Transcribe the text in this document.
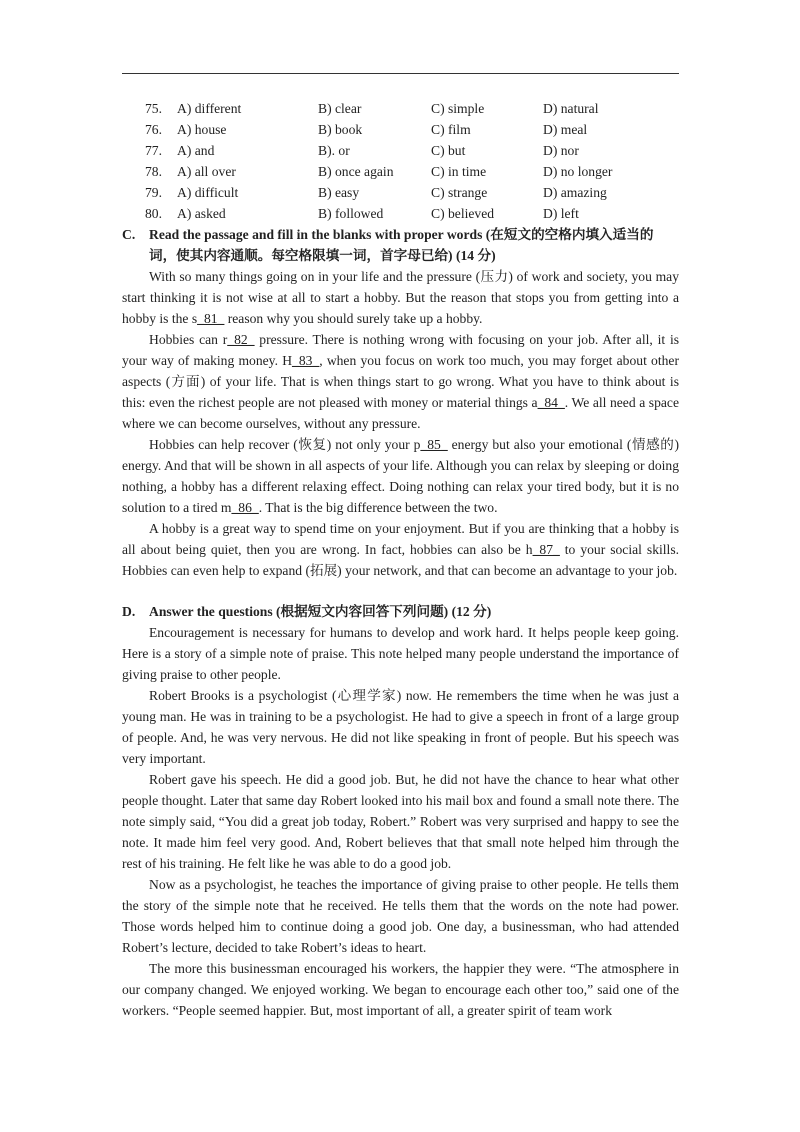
75. A) different	B) clear	C) simple	D) natural
76. A) house	B) book	C) film	D) meal
77. A) and	B). or	C) but	D) nor
78. A) all over	B) once again	C) in time	D) no longer
79. A) difficult	B) easy	C) strange	D) amazing
80. A) asked	B) followed	C) believed	D) left
C.	Read the passage and fill in the blanks with proper words (在短文的空格内填入适当的词，使其内容通顺。每空格限填一词，首字母已给) (14 分)

With so many things going on in your life and the pressure (压力) of work and society, you may start thinking it is not wise at all to start a hobby. But the reason that stops you from getting into a hobby is the s_81_ reason why you should surely take up a hobby.

Hobbies can r_82_ pressure. There is nothing wrong with focusing on your job. After all, it is your way of making money. H_83_, when you focus on work too much, you may forget about other aspects (方面) of your life. That is when things start to go wrong. What you have to think about is this: even the richest people are not pleased with money or material things a_84_. We all need a space where we can become ourselves, without any pressure.

Hobbies can help recover (恢复) not only your p_85_ energy but also your emotional (情感的) energy. And that will be shown in all aspects of your life. Although you can relax by sleeping or doing nothing, a hobby has a different relaxing effect. Doing nothing can relax your tired body, but it is no solution to a tired m_86_. That is the big difference between the two.

A hobby is a great way to spend time on your enjoyment. But if you are thinking that a hobby is all about being quiet, then you are wrong. In fact, hobbies can also be h_87_ to your social skills. Hobbies can even help to expand (拓展) your network, and that can become an advantage to your job.

D.	Answer the questions (根据短文内容回答下列问题) (12 分)

Encouragement is necessary for humans to develop and work hard. It helps people keep going. Here is a story of a simple note of praise. This note helped many people understand the importance of giving praise to other people.

Robert Brooks is a psychologist (心理学家) now. He remembers the time when he was just a young man. He was in training to be a psychologist. He had to give a speech in front of a large group of people. And, he was very nervous. He did not like speaking in front of people. But his speech was very important.

Robert gave his speech. He did a good job. But, he did not have the chance to hear what other people thought. Later that same day Robert looked into his mail box and found a small note there. The note simply said, “You did a great job today, Robert.” Robert was very surprised and happy to see the note. It made him feel very good. And, Robert believes that that small note helped him through the rest of his training. He felt like he was able to do a good job.

Now as a psychologist, he teaches the importance of giving praise to other people. He tells them the story of the simple note that he received. He tells them that the words on the note had power. Those words helped him to continue doing a good job. One day, a businessman, who had attended Robert’s lecture, decided to take Robert’s ideas to heart.

The more this businessman encouraged his workers, the happier they were. “The atmosphere in our company changed. We enjoyed working. We began to encourage each other too,” said one of the workers. “People seemed happier. But, most important of all, a greater spirit of team work
